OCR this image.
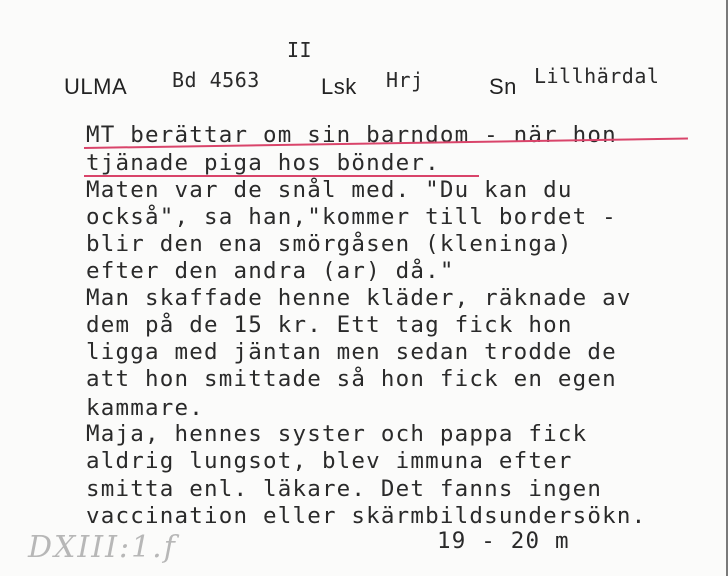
II
ULMA Bd 4563	Lsk Hrj	Sn Lillhärdal
MT berättar om sin barndom - när hon
tjänade piga hos bönder.
Maten var de snål med. "Du kan du
också", sa han,"kommer till bordet -
blir den ena smörgåsen (kleninga)
efter den andra (ar) då."
Man skaffade henne kläder, räknade av
dem på de 15 kr. Ett tag fick hon
ligga med jäntan men sedan trodde de
att hon smittade så hon fick en egen
kammare.
Maja, hennes syster och pappa fick
aldrig lungsot, blev immuna efter
smitta enl. läkare. Det fanns ingen
vaccination eller skärmbildsundersökn.
19 - 20 m
DXIII:1.f
